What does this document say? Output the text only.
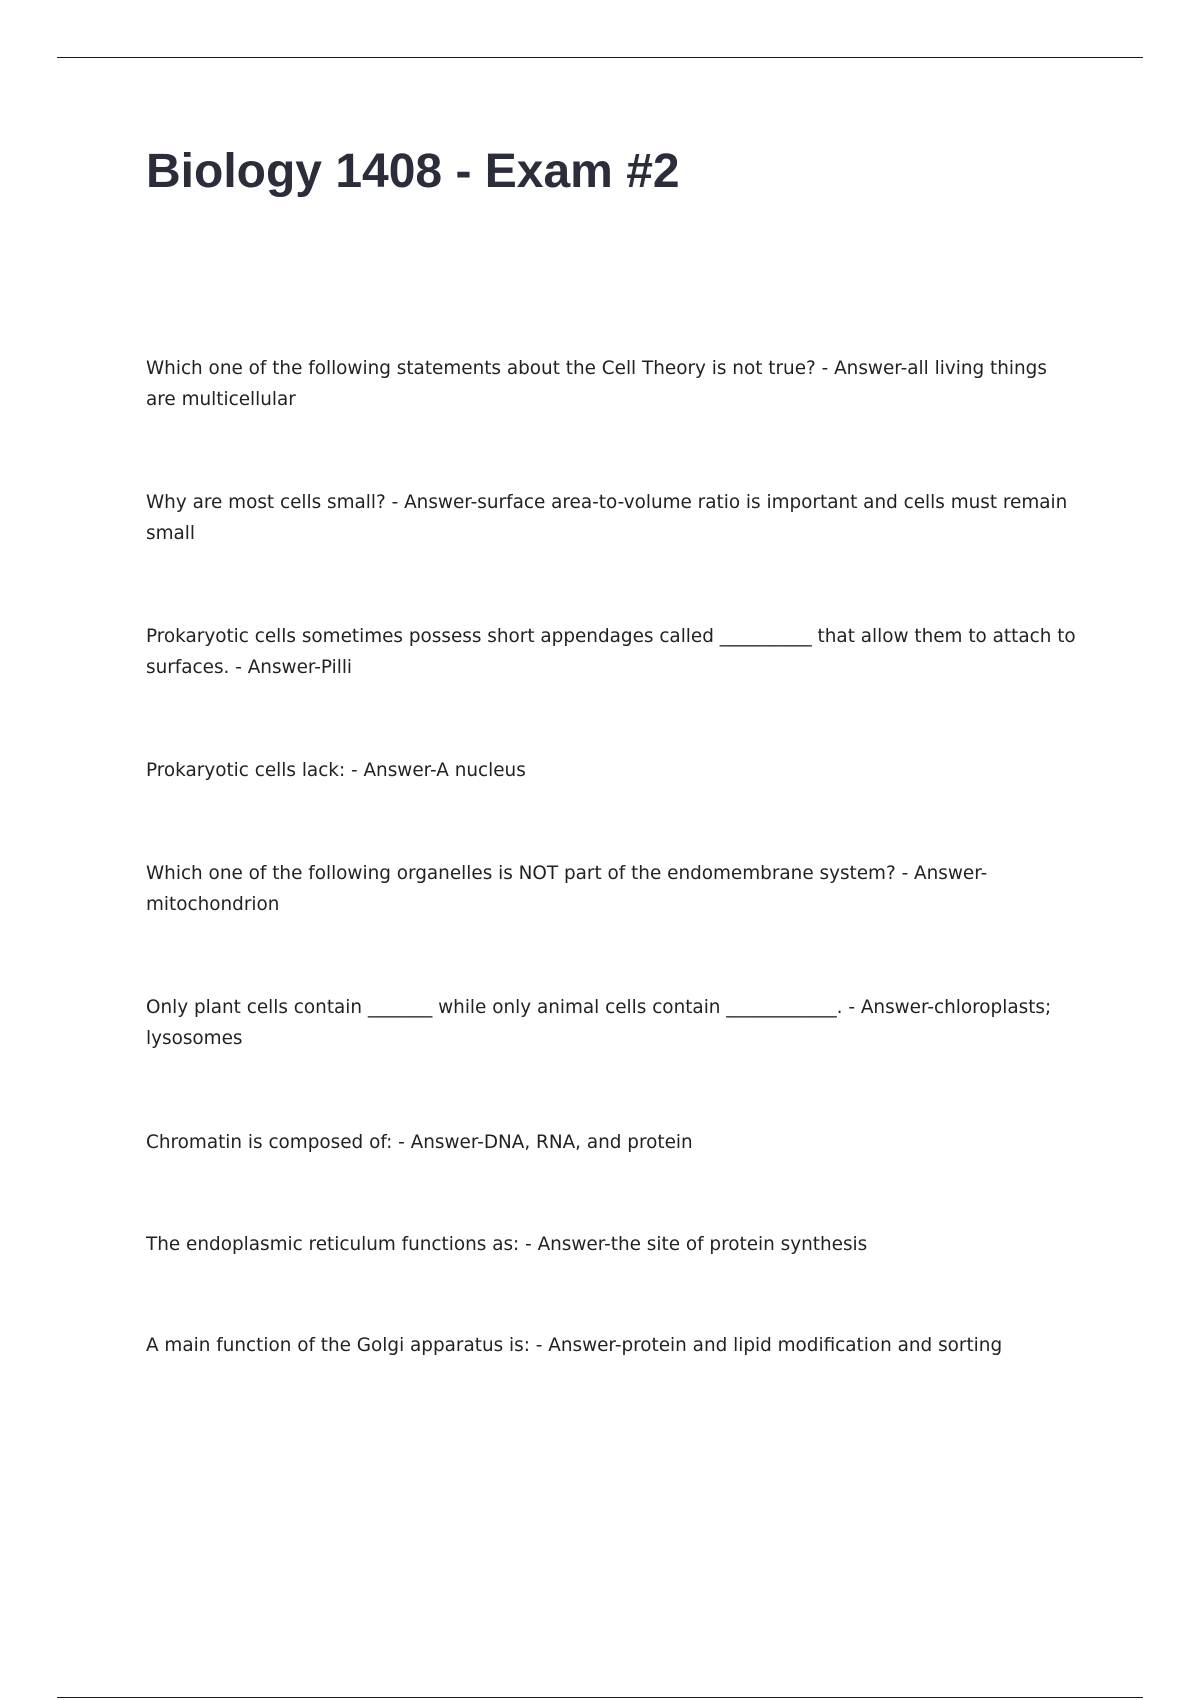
Biology 1408 - Exam #2

Which one of the following statements about the Cell Theory is not true? - Answer-all living things are multicellular

Why are most cells small? - Answer-surface area-to-volume ratio is important and cells must remain small

Prokaryotic cells sometimes possess short appendages called __________ that allow them to attach to surfaces. - Answer-Pilli

Prokaryotic cells lack: - Answer-A nucleus

Which one of the following organelles is NOT part of the endomembrane system? - Answer-mitochondrion

Only plant cells contain _______ while only animal cells contain ____________. - Answer-chloroplasts; lysosomes

Chromatin is composed of: - Answer-DNA, RNA, and protein

The endoplasmic reticulum functions as: - Answer-the site of protein synthesis

A main function of the Golgi apparatus is: - Answer-protein and lipid modification and sorting
